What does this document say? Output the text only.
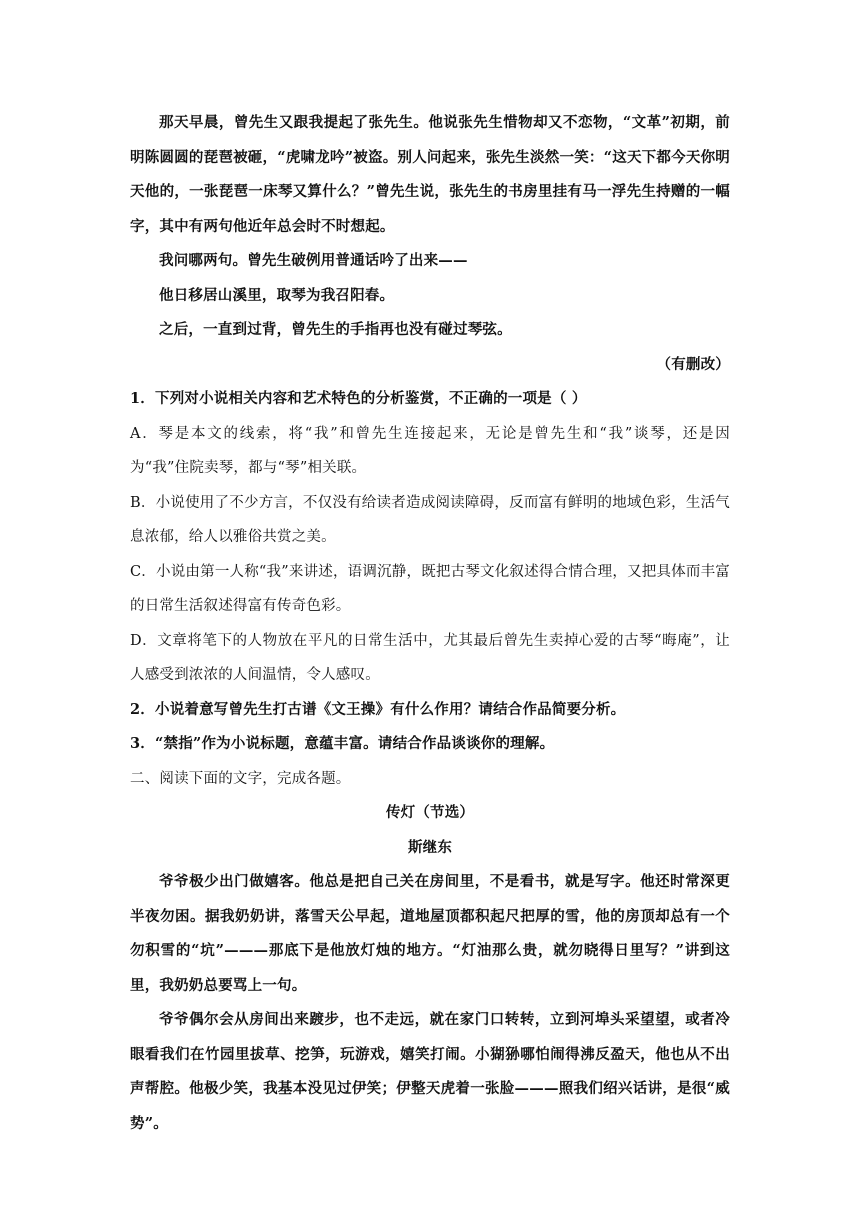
那天早晨，曾先生又跟我提起了张先生。他说张先生惜物却又不恋物，“文革”初期，前明陈圆圆的琵琶被砸，“虎啸龙吟”被盗。别人问起来，张先生淡然一笑：“这天下都今天你明天他的，一张琵琶一床琴又算什么？”曾先生说，张先生的书房里挂有马一浮先生持赠的一幅字，其中有两句他近年总会时不时想起。

我问哪两句。曾先生破例用普通话吟了出来——

他日移居山溪里，取琴为我召阳春。

之后，一直到过背，曾先生的手指再也没有碰过琴弦。

（有删改）

1．下列对小说相关内容和艺术特色的分析鉴赏，不正确的一项是（ ）

A．琴是本文的线索，将“我”和曾先生连接起来，无论是曾先生和“我”谈琴，还是因为“我”住院卖琴，都与“琴”相关联。

B．小说使用了不少方言，不仅没有给读者造成阅读障碍，反而富有鲜明的地域色彩，生活气息浓郁，给人以雅俗共赏之美。

C．小说由第一人称“我”来讲述，语调沉静，既把古琴文化叙述得合情合理，又把具体而丰富的日常生活叙述得富有传奇色彩。

D．文章将笔下的人物放在平凡的日常生活中，尤其最后曾先生卖掉心爱的古琴“晦庵”，让人感受到浓浓的人间温情，令人感叹。

2．小说着意写曾先生打古谱《文王操》有什么作用？请结合作品简要分析。

3．“禁指”作为小说标题，意蕴丰富。请结合作品谈谈你的理解。

二、阅读下面的文字，完成各题。

传灯（节选）

斯继东

爷爷极少出门做嬉客。他总是把自己关在房间里，不是看书，就是写字。他还时常深更半夜勿困。据我奶奶讲，落雪天公早起，道地屋顶都积起尺把厚的雪，他的房顶却总有一个勿积雪的“坑”———那底下是他放灯烛的地方。“灯油那么贵，就勿晓得日里写？”讲到这里，我奶奶总要骂上一句。

爷爷偶尔会从房间出来踱步，也不走远，就在家门口转转，立到河埠头采望望，或者冷眼看我们在竹园里拔草、挖笋，玩游戏，嬉笑打闹。小猢狲哪怕闹得沸反盈天，他也从不出声帮腔。他极少笑，我基本没见过伊笑；伊整天虎着一张脸———照我们绍兴话讲，是很“威势”。
